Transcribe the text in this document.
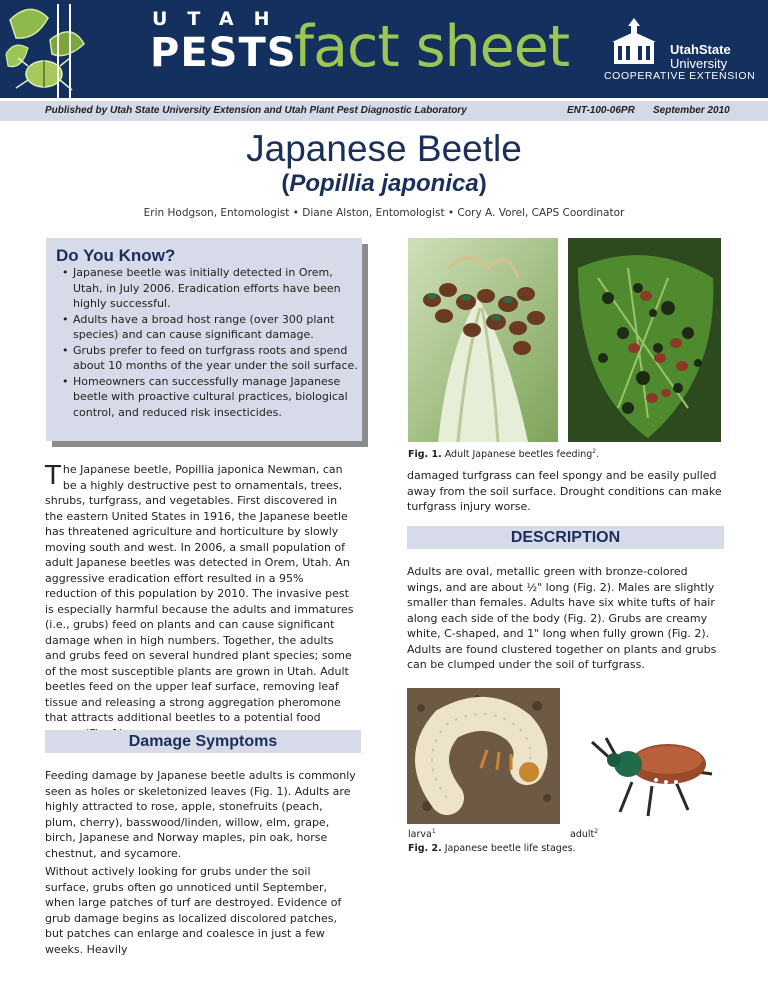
UTAH
PESTS
fact sheet	UtahState
University
COOPERATIVE EXTENSION
Published by Utah State University Extension and Utah Plant Pest Diagnostic Laboratory	ENT-100-06PR September 2010
Japanese Beetle
(Popillia japonica)
Erin Hodgson, Entomologist • Diane Alston, Entomologist • Cory A. Vorel, CAPS Coordinator
Do You Know?
• Japanese beetle was initially detected in Orem, Utah, in July 2006. Eradication efforts have been highly successful.
• Adults have a broad host range (over 300 plant species) and can cause significant damage.
• Grubs prefer to feed on turfgrass roots and spend about 10 months of the year under the soil surface.
• Homeowners can successfully manage Japanese beetle with proactive cultural practices, biological control, and reduced risk insecticides.

The Japanese beetle, Popillia japonica Newman, can be a highly destructive pest to ornamentals, trees, shrubs, turfgrass, and vegetables. First discovered in the eastern United States in 1916, the Japanese beetle has threatened agriculture and horticulture by slowly moving south and west. In 2006, a small population of adult Japanese beetles was detected in Orem, Utah. An aggressive eradication effort resulted in a 95% reduction of this population by 2010. The invasive pest is especially harmful because the adults and immatures (i.e., grubs) feed on plants and can cause significant damage when in high numbers. Together, the adults and grubs feed on several hundred plant species; some of the most susceptible plants are grown in Utah. Adult beetles feed on the upper leaf surface, removing leaf tissue and releasing a strong aggregation pheromone that attracts additional beetles to a potential food

Damage Symptoms

Feeding damage by Japanese beetle adults is commonly seen as holes or skeletonized leaves (Fig. 1). Adults are highly attracted to rose, apple, stonefruits (peach, plum, cherry), basswood/linden, willow, elm, grape, birch, Japanese and Norway maples, pin oak, horse chestnut, and sycamore.

Without actively looking for grubs under the soil surface, grubs often go unnoticed until September, when large patches of turf are destroyed. Evidence of grub damage begins as localized discolored patches, but patches can enlarge and coalesce in just a few weeks. Heavily

Fig. 1. Adult Japanese beetles feeding$^2$.

damaged turfgrass can feel spongy and be easily pulled away from the soil surface. Drought conditions can make turfgrass injury worse.

DESCRIPTION

Adults are oval, metallic green with bronze-colored wings, and are about ½" long (Fig. 2). Males are slightly smaller than females. Adults have six white tufts of hair along each side of the body (Fig. 2). Grubs are creamy white, C-shaped, and 1" long when fully grown (Fig. 2). Adults are found clustered together on plants and grubs can be clumped under the soil of turfgrass.

larva$^1$	adult$^2$
Fig. 2. Japanese beetle life stages.
